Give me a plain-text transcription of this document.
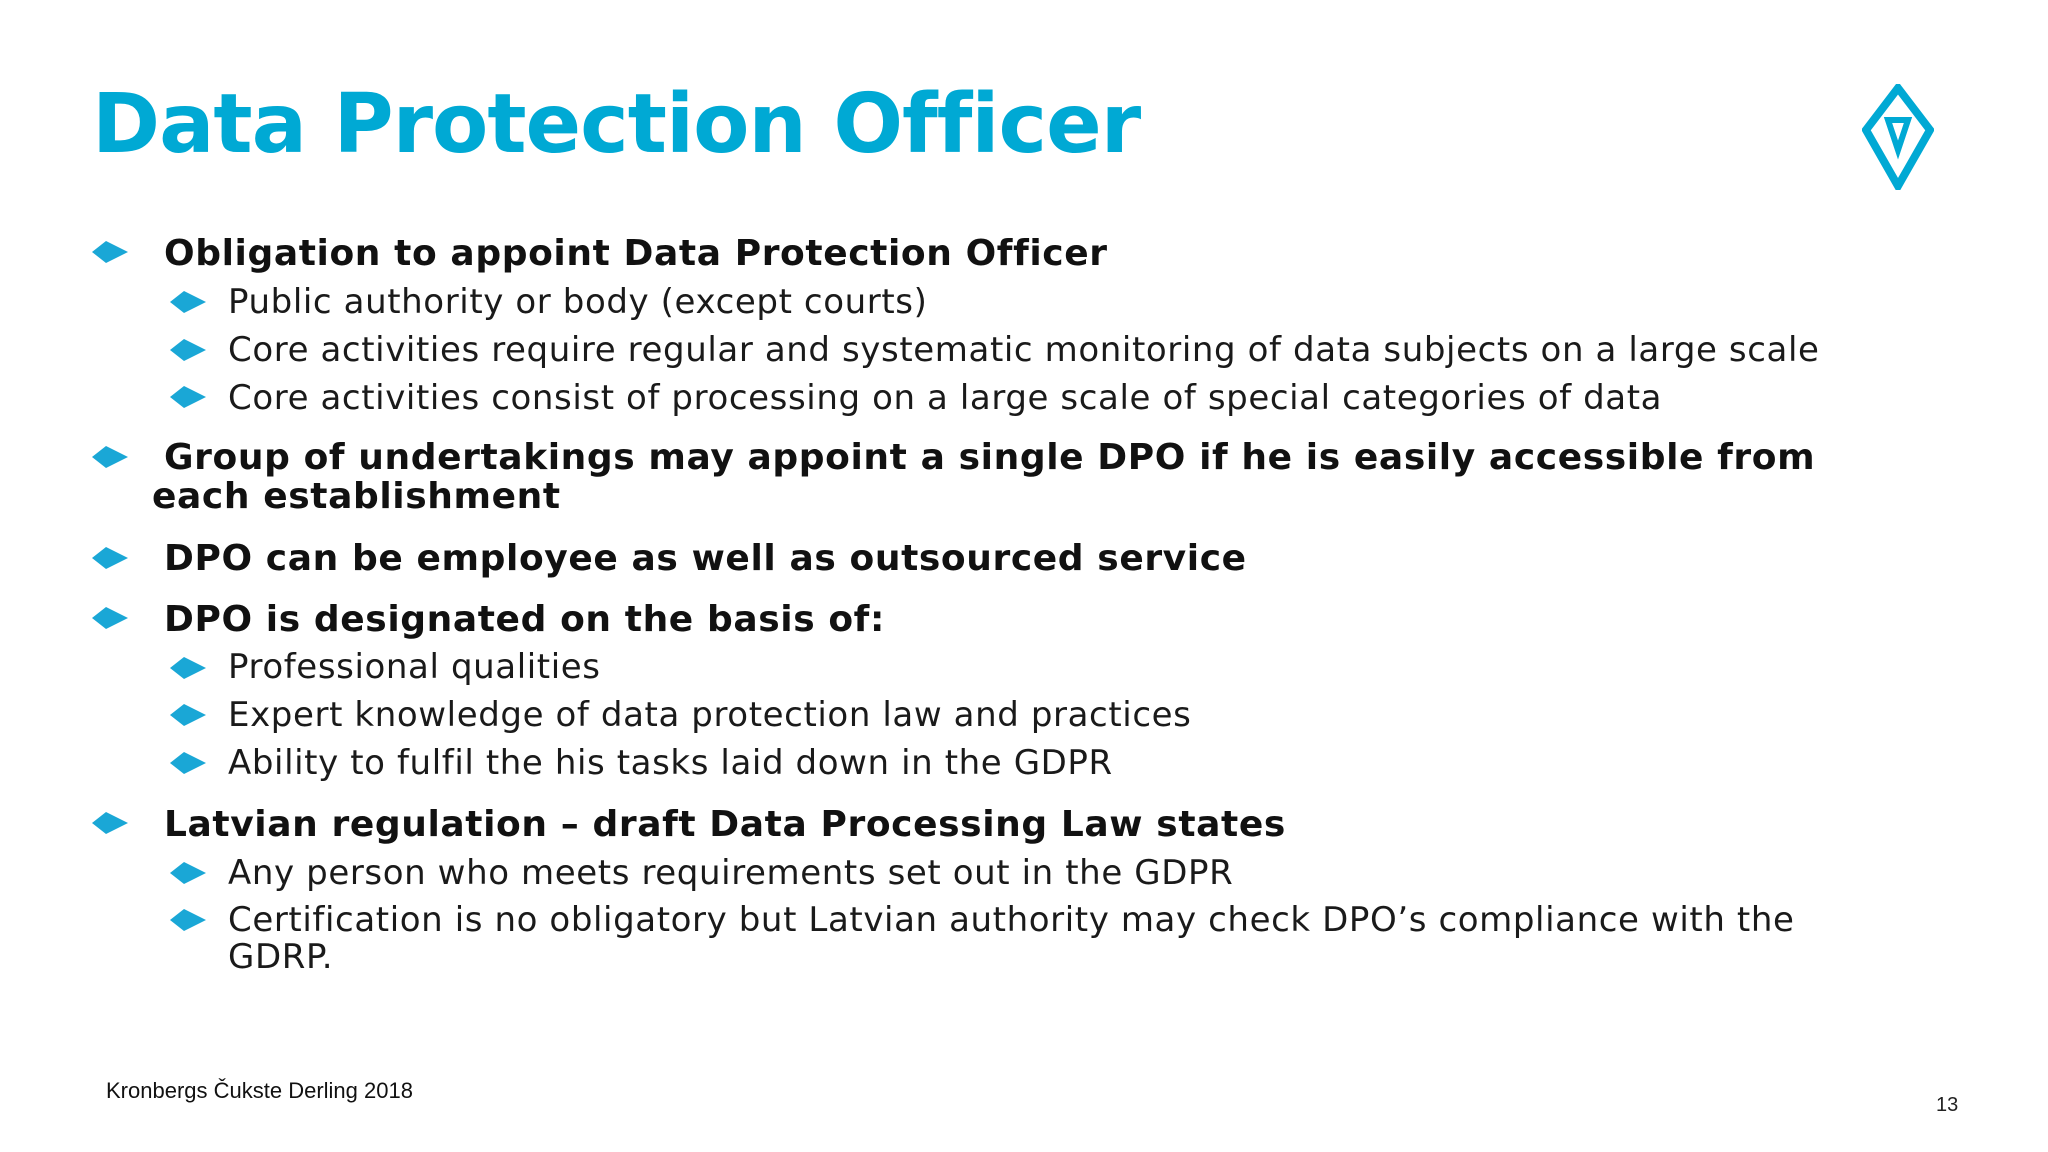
Data Protection Officer
Obligation to appoint Data Protection Officer
Public authority or body (except courts)
Core activities require regular and systematic monitoring of data subjects on a large scale
Core activities consist of processing on a large scale of special categories of data
Group of undertakings may appoint a single DPO if he is easily accessible from
each establishment
DPO can be employee as well as outsourced service
DPO is designated on the basis of:
Professional qualities
Expert knowledge of data protection law and practices
Ability to fulfil the his tasks laid down in the GDPR
Latvian regulation – draft Data Processing Law states
Any person who meets requirements set out in the GDPR
Certification is no obligatory but Latvian authority may check DPO’s compliance with the
GDRP.
Kronbergs Čukste Derling 2018
13
